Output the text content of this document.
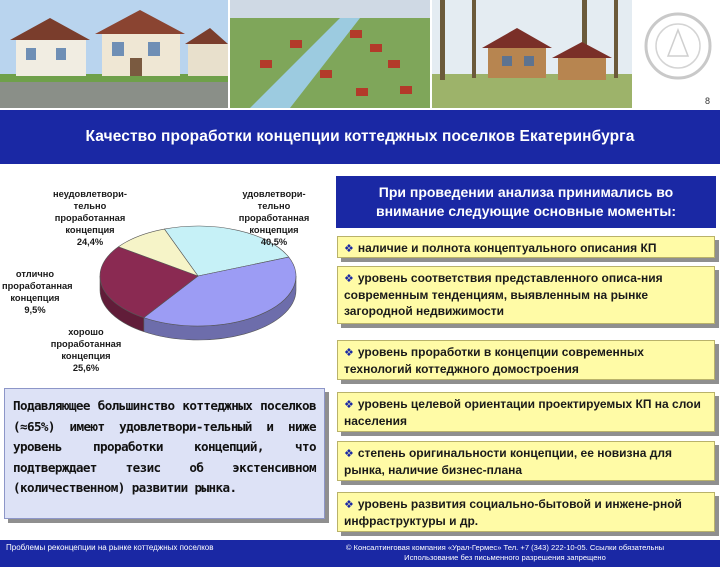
8
Качество проработки концепции коттеджных поселков Екатеринбурга
неудовлетвори-
тельно
проработанная
концепция
24,4%
удовлетвори-
тельно
проработанная
концепция
40,5%
отлично
проработанная
концепция
9,5%
хорошо
проработанная
концепция
25,6%

Подавляющее большинство коттеджных поселков (≈65%) имеют удовлетвори-тельный и ниже уровень проработки концепций, что подтверждает тезис об экстенсивном (количественном) развитии рынка.

При проведении анализа принимались во внимание следующие основные моменты:
❖ наличие и полнота концептуального описания КП
❖ уровень соответствия представленного описа-ния современным тенденциям, выявленным на рынке загородной недвижимости
❖ уровень проработки в концепции современных технологий коттеджного домостроения
❖ уровень целевой ориентации проектируемых КП на слои населения
❖ степень оригинальности концепции, ее новизна для рынка, наличие бизнес-плана
❖ уровень развития социально-бытовой и инжене-рной инфраструктуры и др.
Проблемы реконцепции на рынке коттеджных поселков	© Консалтинговая компания «Урал-Гермес» Тел. +7 (343) 222-10-05. Ссылки обязательны
Использование без письменного разрешения запрещено
